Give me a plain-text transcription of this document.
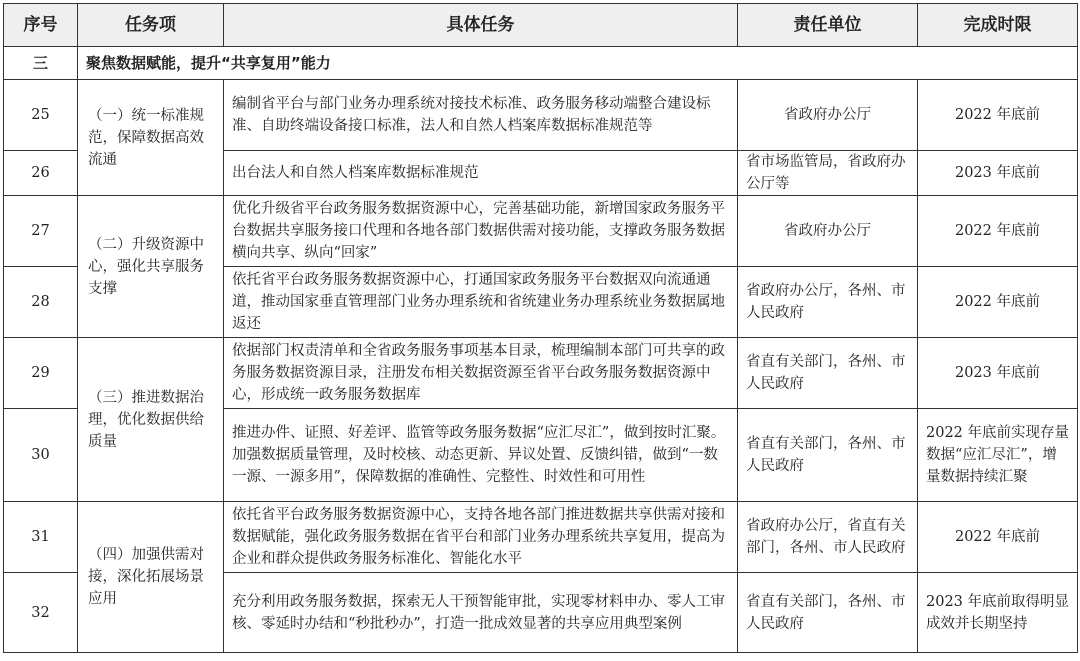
序号	任务项	具体任务	责任单位	完成时限
三	聚焦数据赋能，提升“共享复用”能力			
25	（一）统一标准规范，保障数据高效流通	编制省平台与部门业务办理系统对接技术标准、政务服务移动端整合建设标准、自助终端设备接口标准，法人和自然人档案库数据标准规范等	省政府办公厅	2022 年底前
26		出台法人和自然人档案库数据标准规范	省市场监管局，省政府办公厅等	2023 年底前
27	（二）升级资源中心，强化共享服务支撑	优化升级省平台政务服务数据资源中心，完善基础功能，新增国家政务服务平台数据共享服务接口代理和各地各部门数据供需对接功能，支撑政务服务数据横向共享、纵向“回家”	省政府办公厅	2022 年底前
28		依托省平台政务服务数据资源中心，打通国家政务服务平台数据双向流通通道，推动国家垂直管理部门业务办理系统和省统建业务办理系统业务数据属地返还	省政府办公厅，各州、市人民政府	2022 年底前
29	（三）推进数据治理，优化数据供给质量	依据部门权责清单和全省政务服务事项基本目录，梳理编制本部门可共享的政务服务数据资源目录，注册发布相关数据资源至省平台政务服务数据资源中心，形成统一政务服务数据库	省直有关部门，各州、市人民政府	2023 年底前
30		推进办件、证照、好差评、监管等政务服务数据“应汇尽汇”，做到按时汇聚。加强数据质量管理，及时校核、动态更新、异议处置、反馈纠错，做到“一数一源、一源多用”，保障数据的准确性、完整性、时效性和可用性	省直有关部门，各州、市人民政府	2022 年底前实现存量数据“应汇尽汇”，增量数据持续汇聚
31	（四）加强供需对接，深化拓展场景应用	依托省平台政务服务数据资源中心，支持各地各部门推进数据共享供需对接和数据赋能，强化政务服务数据在省平台和部门业务办理系统共享复用，提高为企业和群众提供政务服务标准化、智能化水平	省政府办公厅，省直有关部门，各州、市人民政府	2022 年底前
32		充分利用政务服务数据，探索无人干预智能审批，实现零材料申办、零人工审核、零延时办结和“秒批秒办”，打造一批成效显著的共享应用典型案例	省直有关部门，各州、市人民政府	2023 年底前取得明显成效并长期坚持
